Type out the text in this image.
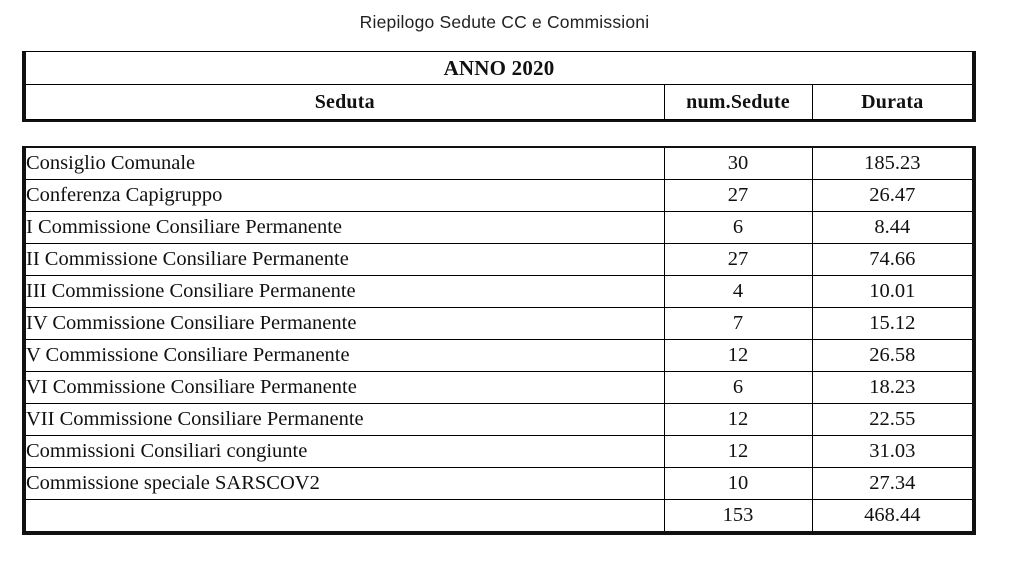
Riepilogo Sedute CC e Commissioni
ANNO 2020
Seduta	num.Sedute	Durata
Consiglio Comunale	30	185.23
Conferenza Capigruppo	27	26.47
I Commissione Consiliare Permanente	6	8.44
II Commissione Consiliare Permanente	27	74.66
III Commissione Consiliare Permanente	4	10.01
IV Commissione Consiliare Permanente	7	15.12
V Commissione Consiliare Permanente	12	26.58
VI Commissione Consiliare Permanente	6	18.23
VII Commissione Consiliare Permanente	12	22.55
Commissioni Consiliari congiunte	12	31.03
Commissione speciale SARSCOV2	10	27.34
	153	468.44
